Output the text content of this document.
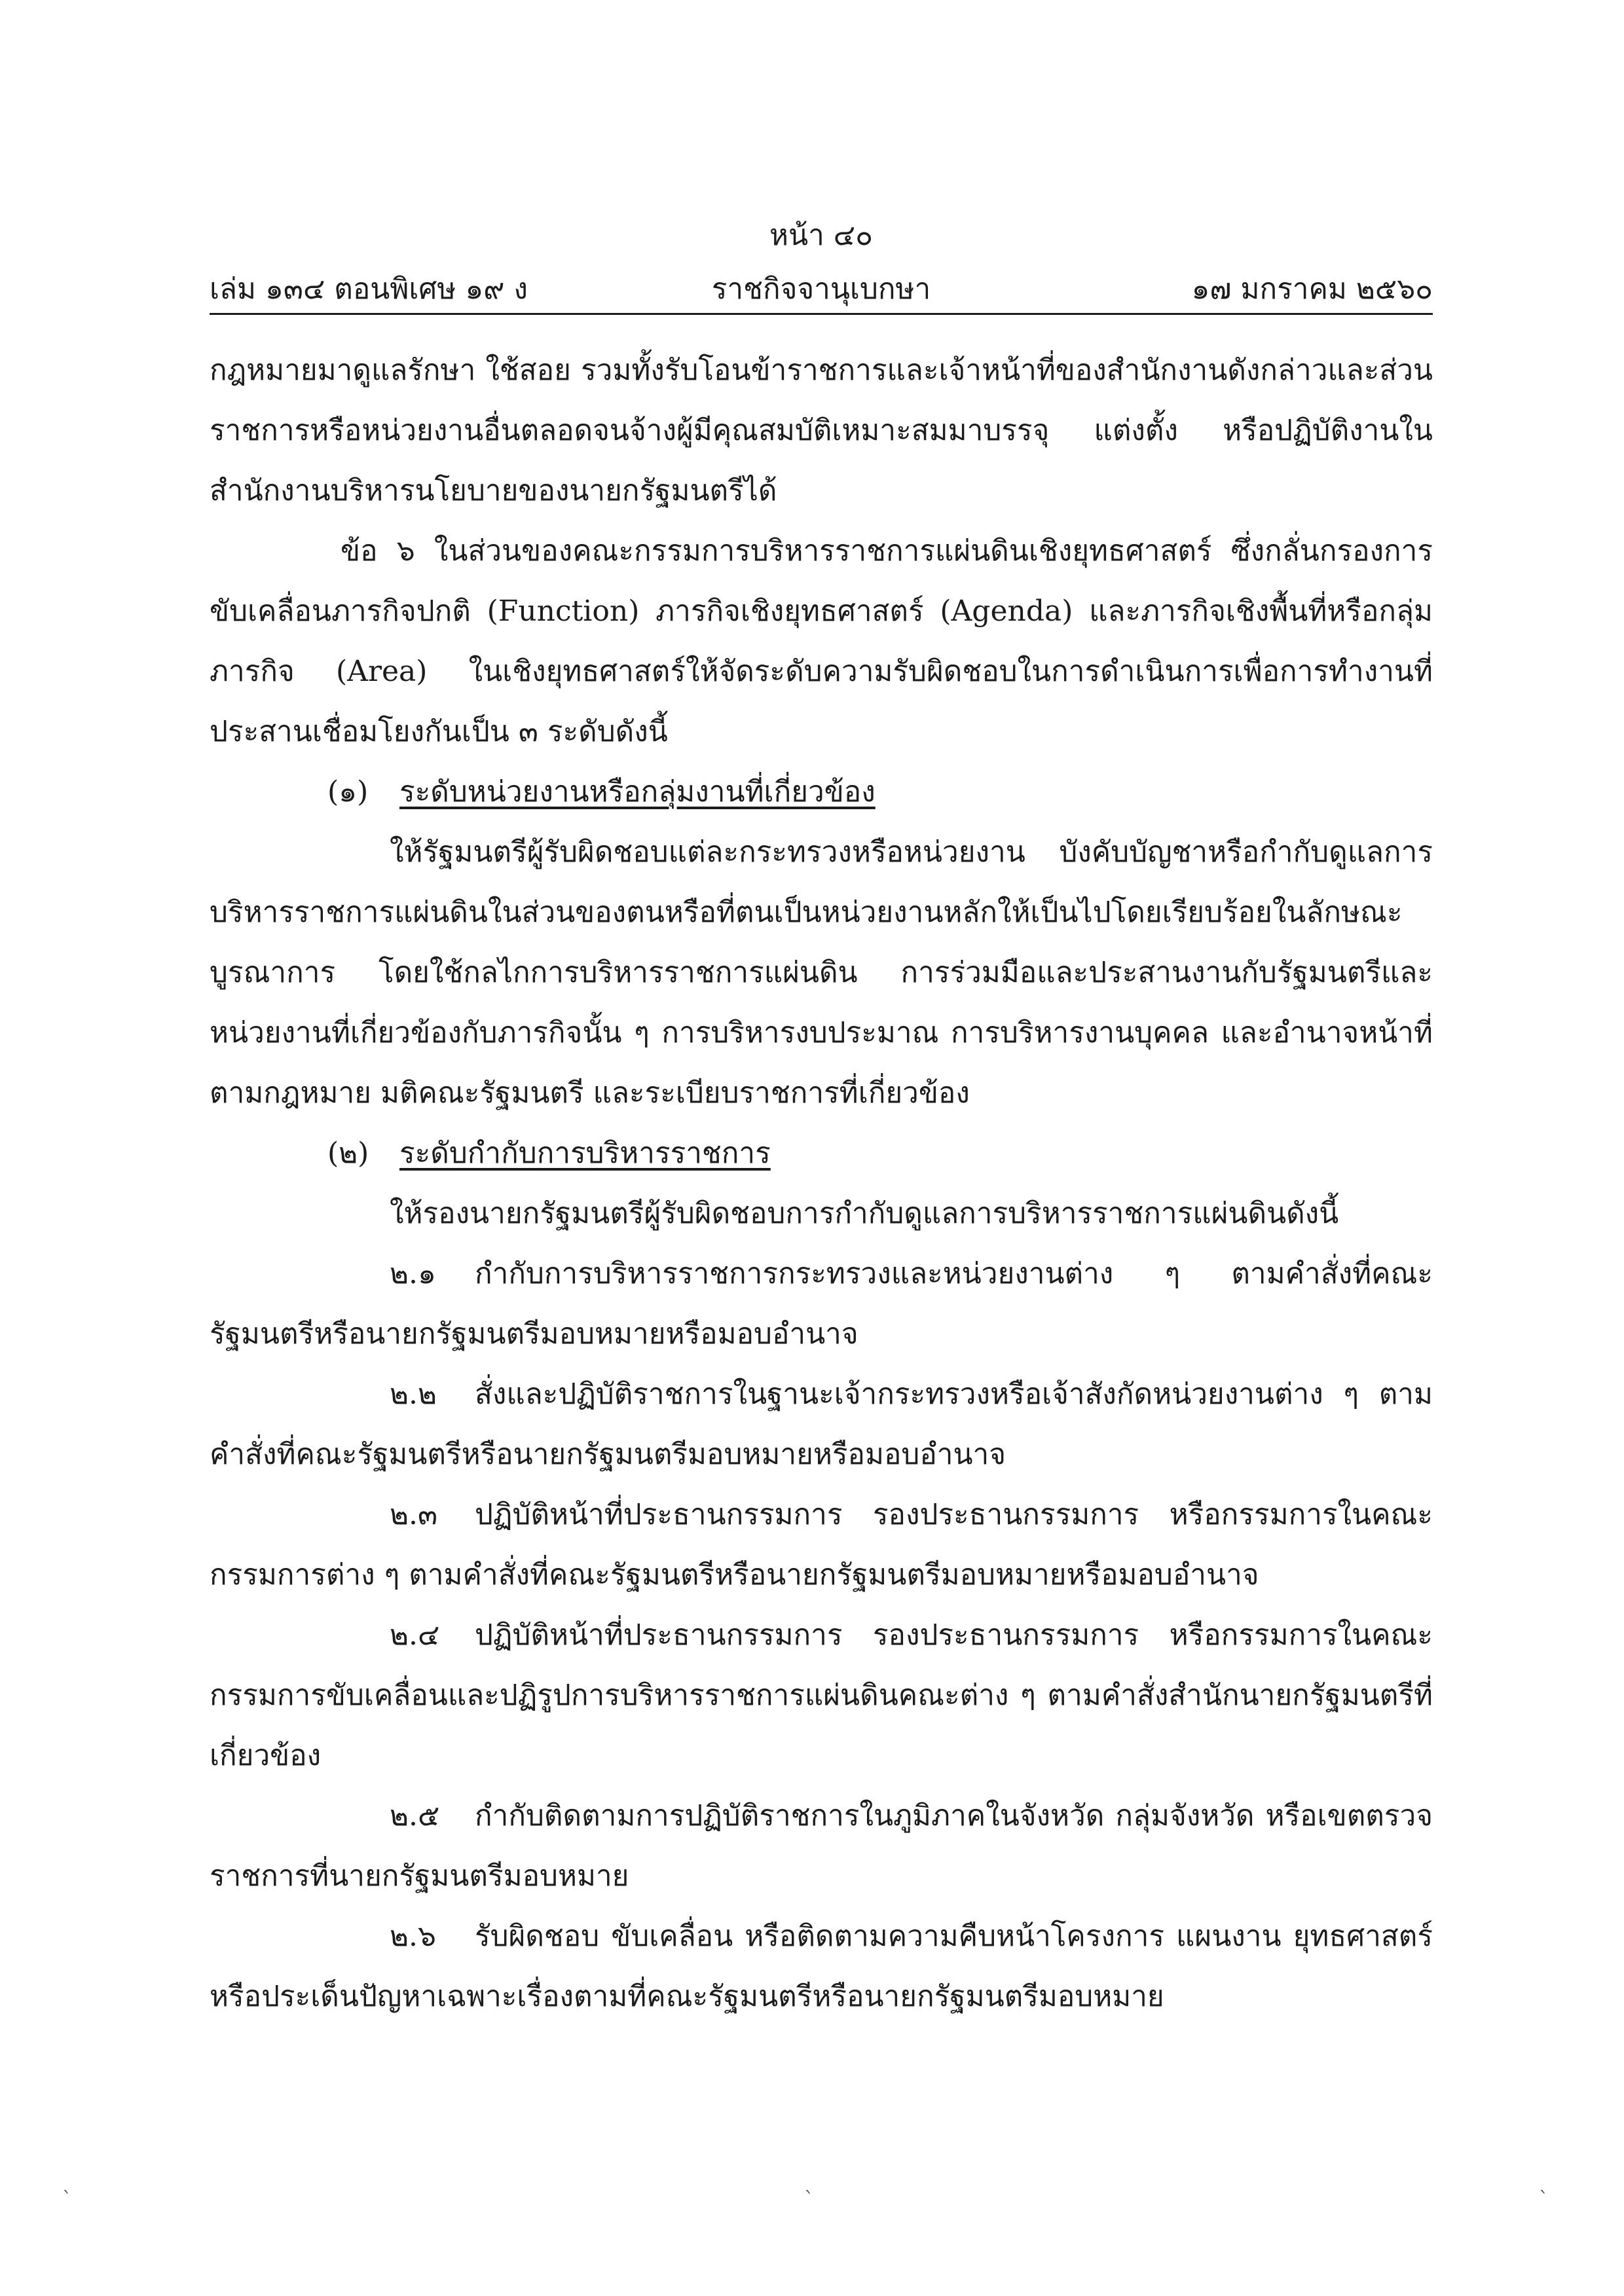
หน้า ๔๐
เล่ม ๑๓๔ ตอนพิเศษ ๑๙ ง	ราชกิจจานุเบกษา	๑๗ มกราคม ๒๕๖๐

กฎหมายมาดูแลรักษา ใช้สอย รวมทั้งรับโอนข้าราชการและเจ้าหน้าที่ของสำนักงานดังกล่าวและส่วนราชการหรือหน่วยงานอื่นตลอดจนจ้างผู้มีคุณสมบัติเหมาะสมมาบรรจุ แต่งตั้ง หรือปฏิบัติงานในสำนักงานบริหารนโยบายของนายกรัฐมนตรีได้

ข้อ ๖ ในส่วนของคณะกรรมการบริหารราชการแผ่นดินเชิงยุทธศาสตร์ ซึ่งกลั่นกรองการขับเคลื่อนภารกิจปกติ (Function) ภารกิจเชิงยุทธศาสตร์ (Agenda) และภารกิจเชิงพื้นที่หรือกลุ่มภารกิจ (Area) ในเชิงยุทธศาสตร์ให้จัดระดับความรับผิดชอบในการดำเนินการเพื่อการทำงานที่ประสานเชื่อมโยงกันเป็น ๓ ระดับดังนี้

(๑) ระดับหน่วยงานหรือกลุ่มงานที่เกี่ยวข้อง

ให้รัฐมนตรีผู้รับผิดชอบแต่ละกระทรวงหรือหน่วยงาน บังคับบัญชาหรือกำกับดูแลการบริหารราชการแผ่นดินในส่วนของตนหรือที่ตนเป็นหน่วยงานหลักให้เป็นไปโดยเรียบร้อยในลักษณะบูรณาการ โดยใช้กลไกการบริหารราชการแผ่นดิน การร่วมมือและประสานงานกับรัฐมนตรีและหน่วยงานที่เกี่ยวข้องกับภารกิจนั้น ๆ การบริหารงบประมาณ การบริหารงานบุคคล และอำนาจหน้าที่ตามกฎหมาย มติคณะรัฐมนตรี และระเบียบราชการที่เกี่ยวข้อง

(๒) ระดับกำกับการบริหารราชการ

ให้รองนายกรัฐมนตรีผู้รับผิดชอบการกำกับดูแลการบริหารราชการแผ่นดินดังนี้

๒.๑ กำกับการบริหารราชการกระทรวงและหน่วยงานต่าง ๆ ตามคำสั่งที่คณะรัฐมนตรีหรือนายกรัฐมนตรีมอบหมายหรือมอบอำนาจ

๒.๒ สั่งและปฏิบัติราชการในฐานะเจ้ากระทรวงหรือเจ้าสังกัดหน่วยงานต่าง ๆ ตามคำสั่งที่คณะรัฐมนตรีหรือนายกรัฐมนตรีมอบหมายหรือมอบอำนาจ

๒.๓ ปฏิบัติหน้าที่ประธานกรรมการ รองประธานกรรมการ หรือกรรมการในคณะกรรมการต่าง ๆ ตามคำสั่งที่คณะรัฐมนตรีหรือนายกรัฐมนตรีมอบหมายหรือมอบอำนาจ

๒.๔ ปฏิบัติหน้าที่ประธานกรรมการ รองประธานกรรมการ หรือกรรมการในคณะกรรมการขับเคลื่อนและปฏิรูปการบริหารราชการแผ่นดินคณะต่าง ๆ ตามคำสั่งสำนักนายกรัฐมนตรีที่เกี่ยวข้อง

๒.๕ กำกับติดตามการปฏิบัติราชการในภูมิภาคในจังหวัด กลุ่มจังหวัด หรือเขตตรวจราชการที่นายกรัฐมนตรีมอบหมาย

๒.๖ รับผิดชอบ ขับเคลื่อน หรือติดตามความคืบหน้าโครงการ แผนงาน ยุทธศาสตร์หรือประเด็นปัญหาเฉพาะเรื่องตามที่คณะรัฐมนตรีหรือนายกรัฐมนตรีมอบหมาย

`	`	`
